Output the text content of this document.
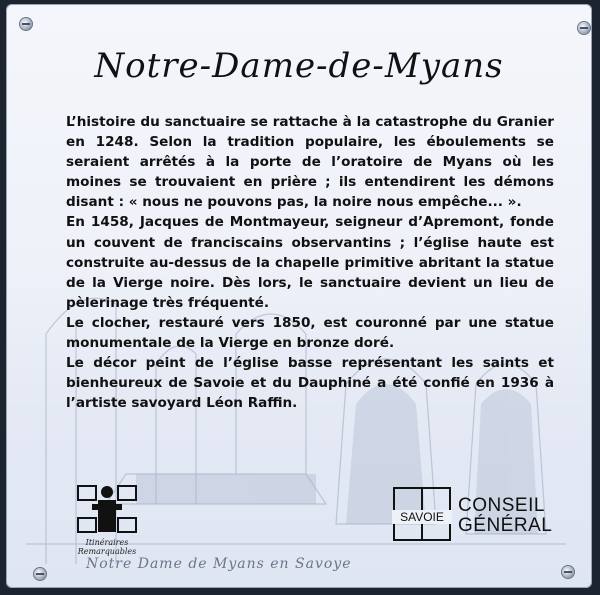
Notre-Dame-de-Myans

L’histoire du sanctuaire se rattache à la catastrophe du Granier en 1248. Selon la tradition populaire, les éboulements se seraient arrêtés à la porte de l’oratoire de Myans où les moines se trouvaient en prière ; ils entendirent les démons disant : « nous ne pouvons pas, la noire nous empêche... ».

En 1458, Jacques de Montmayeur, seigneur d’Apremont, fonde un couvent de franciscains observantins ; l’église haute est construite au-dessus de la chapelle primitive abritant la statue de la Vierge noire. Dès lors, le sanctuaire devient un lieu de pèlerinage très fréquenté.

Le clocher, restauré vers 1850, est couronné par une statue monumentale de la Vierge en bronze doré.

Le décor peint de l’église basse représentant les saints et bienheureux de Savoie et du Dauphiné a été confié en 1936 à l’artiste savoyard Léon Raffin.

Itinéraires Remarquables
SAVOIE
CONSEIL
GÉNÉRAL
Notre Dame de Myans en Savoye
